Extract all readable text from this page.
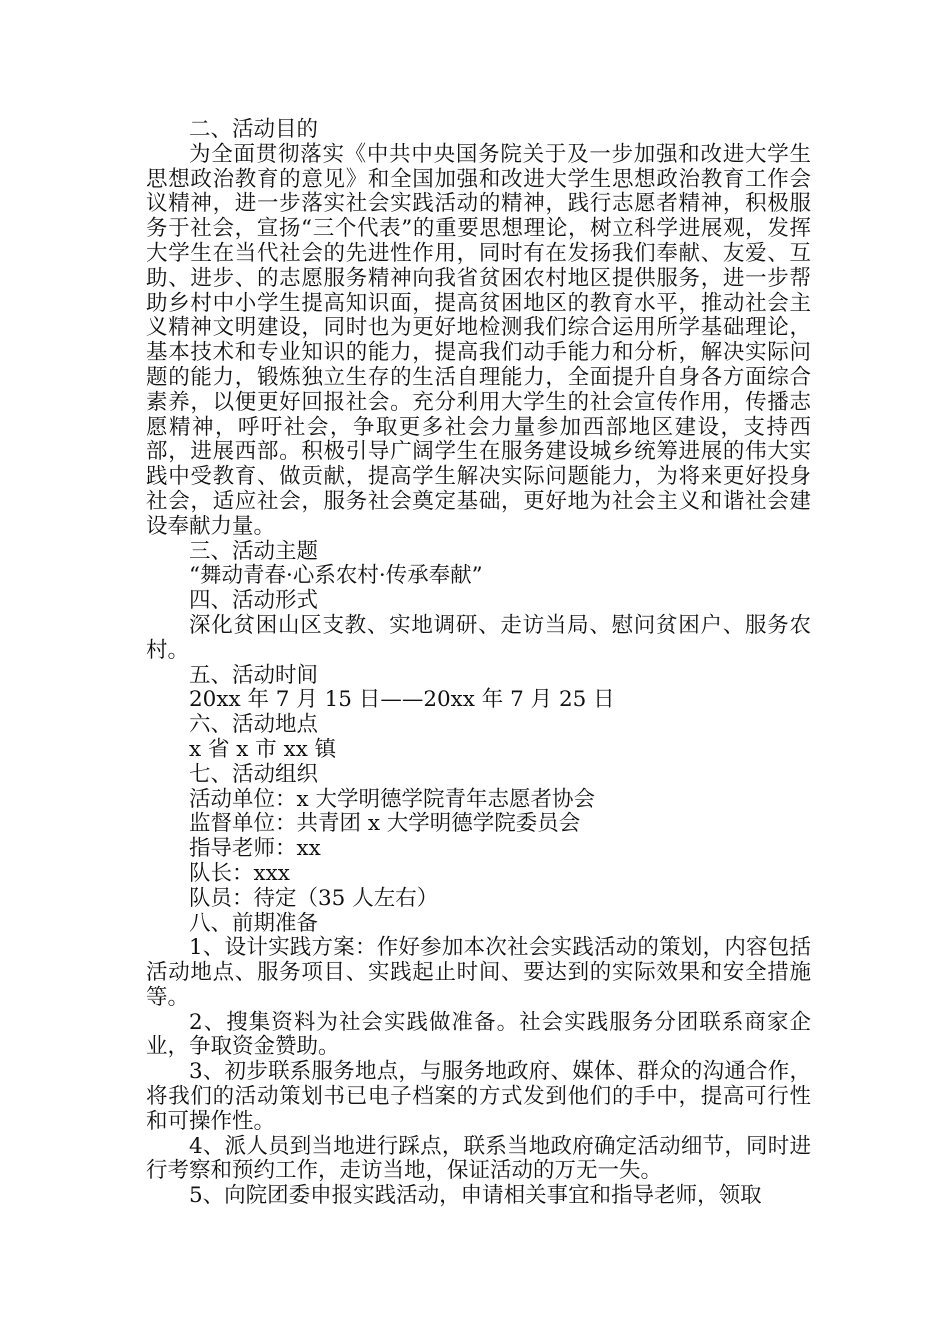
二、活动目的

为全面贯彻落实《中共中央国务院关于及一步加强和改进大学生思想政治教育的意见》和全国加强和改进大学生思想政治教育工作会议精神，进一步落实社会实践活动的精神，践行志愿者精神，积极服务于社会，宣扬“三个代表”的重要思想理论，树立科学进展观，发挥大学生在当代社会的先进性作用，同时有在发扬我们奉献、友爱、互助、进步、的志愿服务精神向我省贫困农村地区提供服务，进一步帮助乡村中小学生提高知识面，提高贫困地区的教育水平，推动社会主义精神文明建设，同时也为更好地检测我们综合运用所学基础理论，基本技术和专业知识的能力，提高我们动手能力和分析，解决实际问题的能力，锻炼独立生存的生活自理能力，全面提升自身各方面综合素养，以便更好回报社会。充分利用大学生的社会宣传作用，传播志愿精神，呼吁社会，争取更多社会力量参加西部地区建设，支持西部，进展西部。积极引导广阔学生在服务建设城乡统筹进展的伟大实践中受教育、做贡献，提高学生解决实际问题能力，为将来更好投身社会，适应社会，服务社会奠定基础，更好地为社会主义和谐社会建设奉献力量。

三、活动主题

“舞动青春·心系农村·传承奉献”

四、活动形式

深化贫困山区支教、实地调研、走访当局、慰问贫困户、服务农村。

五、活动时间

20xx 年 7 月 15 日——20xx 年 7 月 25 日

六、活动地点

x 省 x 市 xx 镇

七、活动组织

活动单位：x 大学明德学院青年志愿者协会

监督单位：共青团 x 大学明德学院委员会

指导老师：xx

队长：xxx

队员：待定（35 人左右）

八、前期准备

1、设计实践方案：作好参加本次社会实践活动的策划，内容包括活动地点、服务项目、实践起止时间、要达到的实际效果和安全措施等。

2、搜集资料为社会实践做准备。社会实践服务分团联系商家企业，争取资金赞助。

3、初步联系服务地点，与服务地政府、媒体、群众的沟通合作，将我们的活动策划书已电子档案的方式发到他们的手中，提高可行性和可操作性。

4、派人员到当地进行踩点，联系当地政府确定活动细节，同时进行考察和预约工作，走访当地，保证活动的万无一失。

5、向院团委申报实践活动，申请相关事宜和指导老师，领取
